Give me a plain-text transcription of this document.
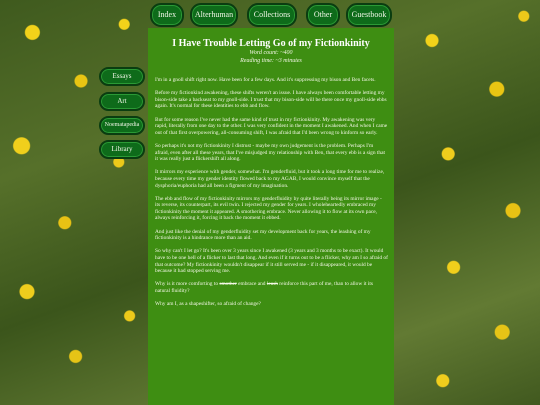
Index	Alterhuman	Collections	Other	Guestbook
Essays
Art
Noematapedia
Library
I Have Trouble Letting Go of my Fictionkinity
Word count: ~400
Reading time: ~3 minutes

I'm in a gnoll shift right now. Have been for a few days. And it's suppressing my bison and Ben facets.

Before my fictionkind awakening, these shifts weren't an issue. I have always been comfortable letting my bison-side take a backseat to my gnoll-side. I trust that my bison-side will be there once my gnoll-side ebbs again. It's normal for these identities to ebb and flow.

But for some reason I've never had the same kind of trust in my fictionkinity. My awakening was very rapid, literally from one day to the other. I was very confident in the moment I awakened. And when I came out of that first overpowering, all-consuming shift, I was afraid that I'd been wrong to kinform so early.

So perhaps it's not my fictionkinity I distrust - maybe my own judgement is the problem. Perhaps I'm afraid, even after all these years, that I've misjudged my relationship with Ben, that every ebb is a sign that it was really just a flickershift all along.

It mirrors my experience with gender, somewhat. I'm genderfluid, but it took a long time for me to realize, because every time my gender identity flowed back to my AGAB, I would convince myself that the dysphoria/euphoria had all been a figment of my imagination.

The ebb and flow of my fictionkinity mirrors my genderfluidity by quite literally being its mirror image - its reverse, its counterpart, its evil twin. I rejected my gender for years. I wholeheartedly embraced my fictionkinity the moment it appeared. A smothering embrace. Never allowing it to flow at its own pace, always reinforcing it, forcing it back the moment it ebbed.

And just like the denial of my genderfluidity set my development back for years, the leashing of my fictionkinity is a hindrance more than an aid.

So why can't I let go? It's been over 3 years since I awakened (3 years and 3 months to be exact). It would have to be one hell of a flicker to last that long. And even if it turns out to be a flicker, why am I so afraid of that outcome? My fictionkinity wouldn't disappear if it still served me - if it disappeared, it would be because it had stopped serving me.

Why is it more comforting to smother embrace and leash reinforce this part of me, than to allow it its natural fluidity?

Why am I, as a shapeshifter, so afraid of change?
